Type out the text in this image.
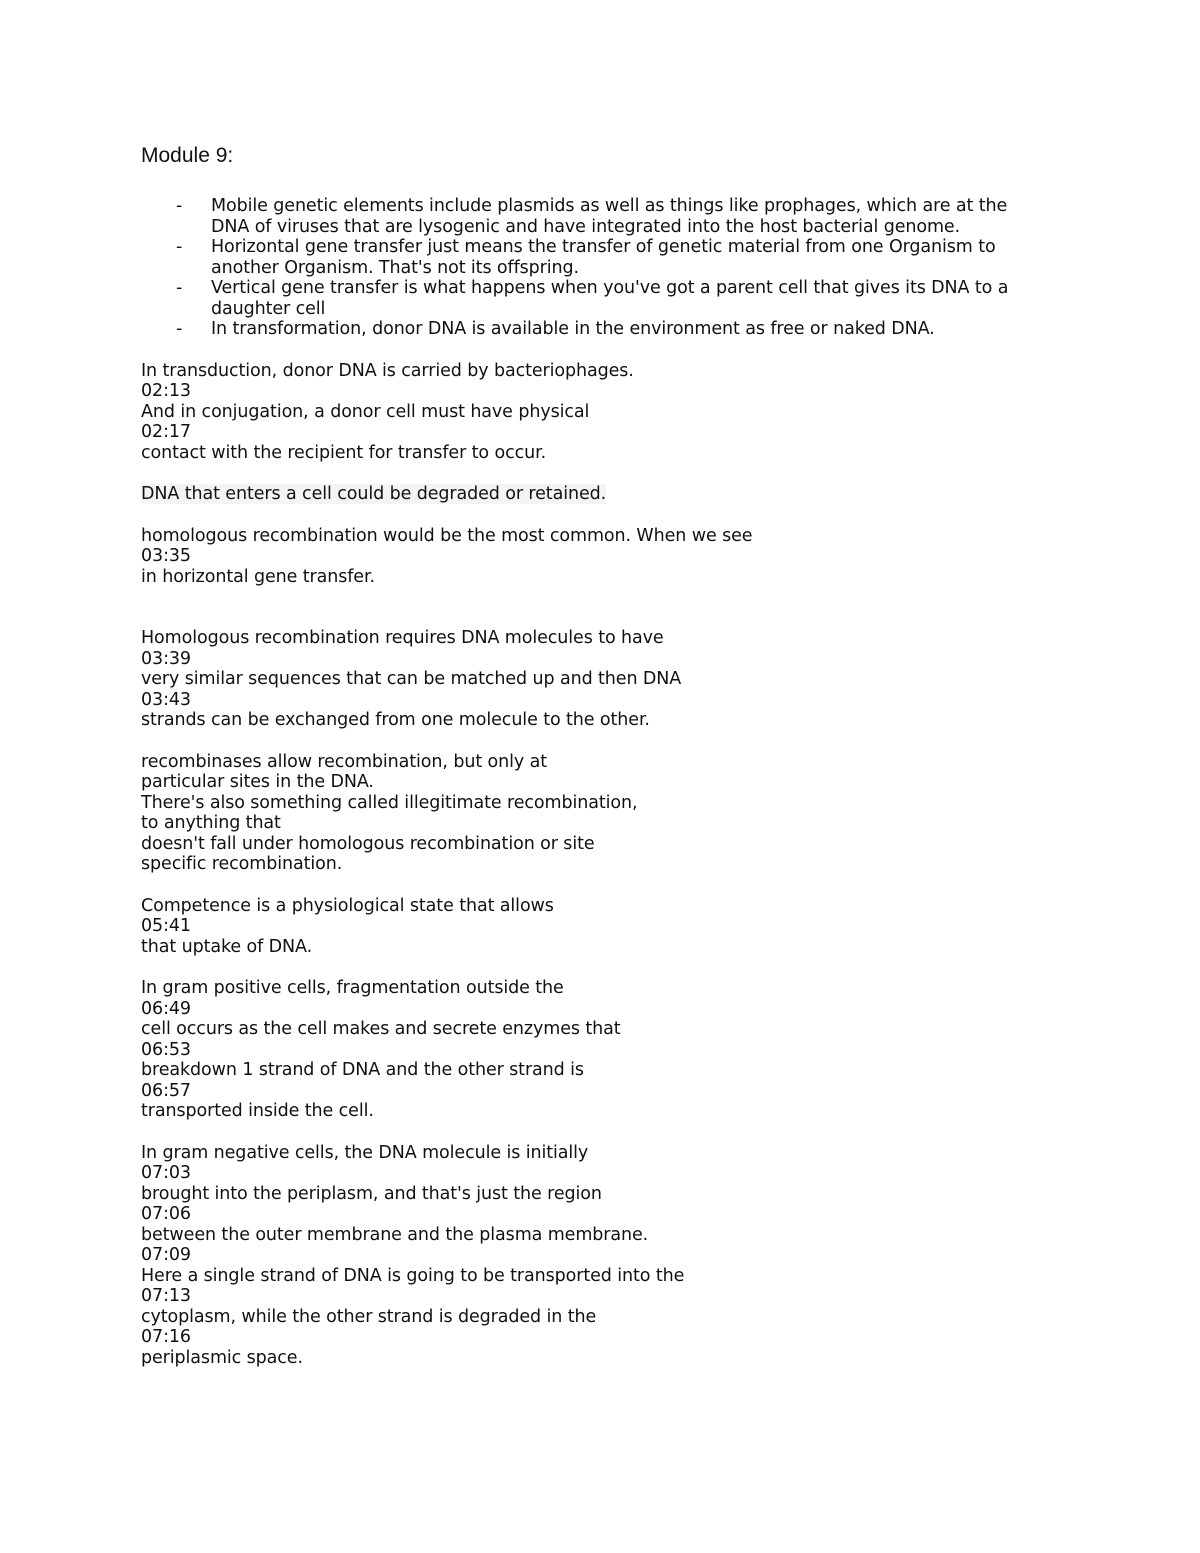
Module 9:
- Mobile genetic elements include plasmids as well as things like prophages, which are at the
DNA of viruses that are lysogenic and have integrated into the host bacterial genome.
- Horizontal gene transfer just means the transfer of genetic material from one Organism to
another Organism. That's not its offspring.
- Vertical gene transfer is what happens when you've got a parent cell that gives its DNA to a
daughter cell
- In transformation, donor DNA is available in the environment as free or naked DNA.
In transduction, donor DNA is carried by bacteriophages.
02:13
And in conjugation, a donor cell must have physical
02:17
contact with the recipient for transfer to occur.
DNA that enters a cell could be degraded or retained.
homologous recombination would be the most common. When we see
03:35
in horizontal gene transfer.
Homologous recombination requires DNA molecules to have
03:39
very similar sequences that can be matched up and then DNA
03:43
strands can be exchanged from one molecule to the other.
recombinases allow recombination, but only at
particular sites in the DNA.
There's also something called illegitimate recombination,
to anything that
doesn't fall under homologous recombination or site
specific recombination.
Competence is a physiological state that allows
05:41
that uptake of DNA.
In gram positive cells, fragmentation outside the
06:49
cell occurs as the cell makes and secrete enzymes that
06:53
breakdown 1 strand of DNA and the other strand is
06:57
transported inside the cell.
In gram negative cells, the DNA molecule is initially
07:03
brought into the periplasm, and that's just the region
07:06
between the outer membrane and the plasma membrane.
07:09
Here a single strand of DNA is going to be transported into the
07:13
cytoplasm, while the other strand is degraded in the
07:16
periplasmic space.
